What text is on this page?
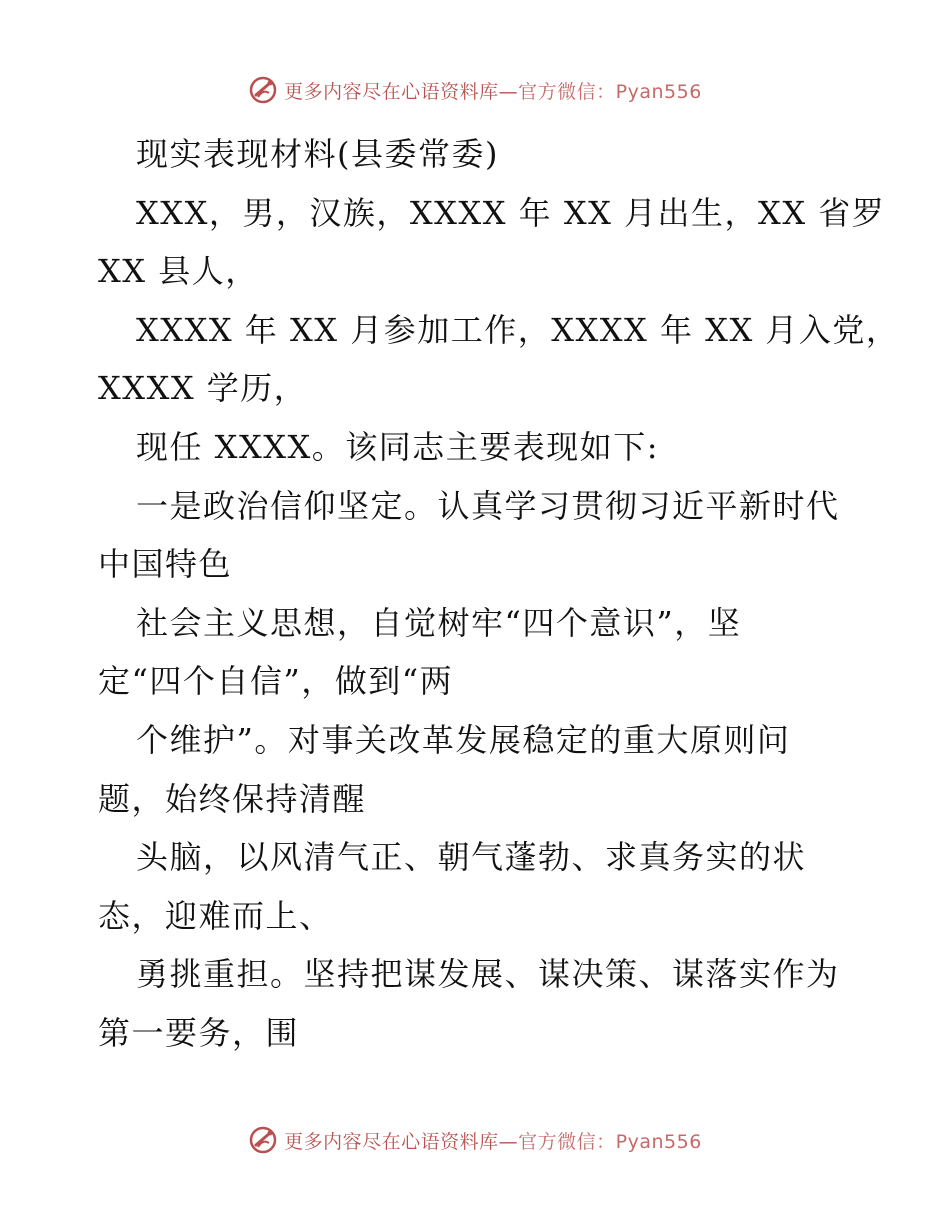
更多内容尽在心语资料库—官方微信：Pyan556
现实表现材料(县委常委)
XXX，男，汉族，XXXX 年 XX 月出生，XX 省罗
XX 县人，
XXXX 年 XX 月参加工作，XXXX 年 XX 月入党，
XXXX 学历，
现任 XXXX。该同志主要表现如下:
一是政治信仰坚定。认真学习贯彻习近平新时代
中国特色
社会主义思想，自觉树牢“四个意识”，坚
定“四个自信”，做到“两
个维护”。对事关改革发展稳定的重大原则问
题，始终保持清醒
头脑，以风清气正、朝气蓬勃、求真务实的状
态，迎难而上、
勇挑重担。坚持把谋发展、谋决策、谋落实作为
第一要务，围
更多内容尽在心语资料库—官方微信：Pyan556
